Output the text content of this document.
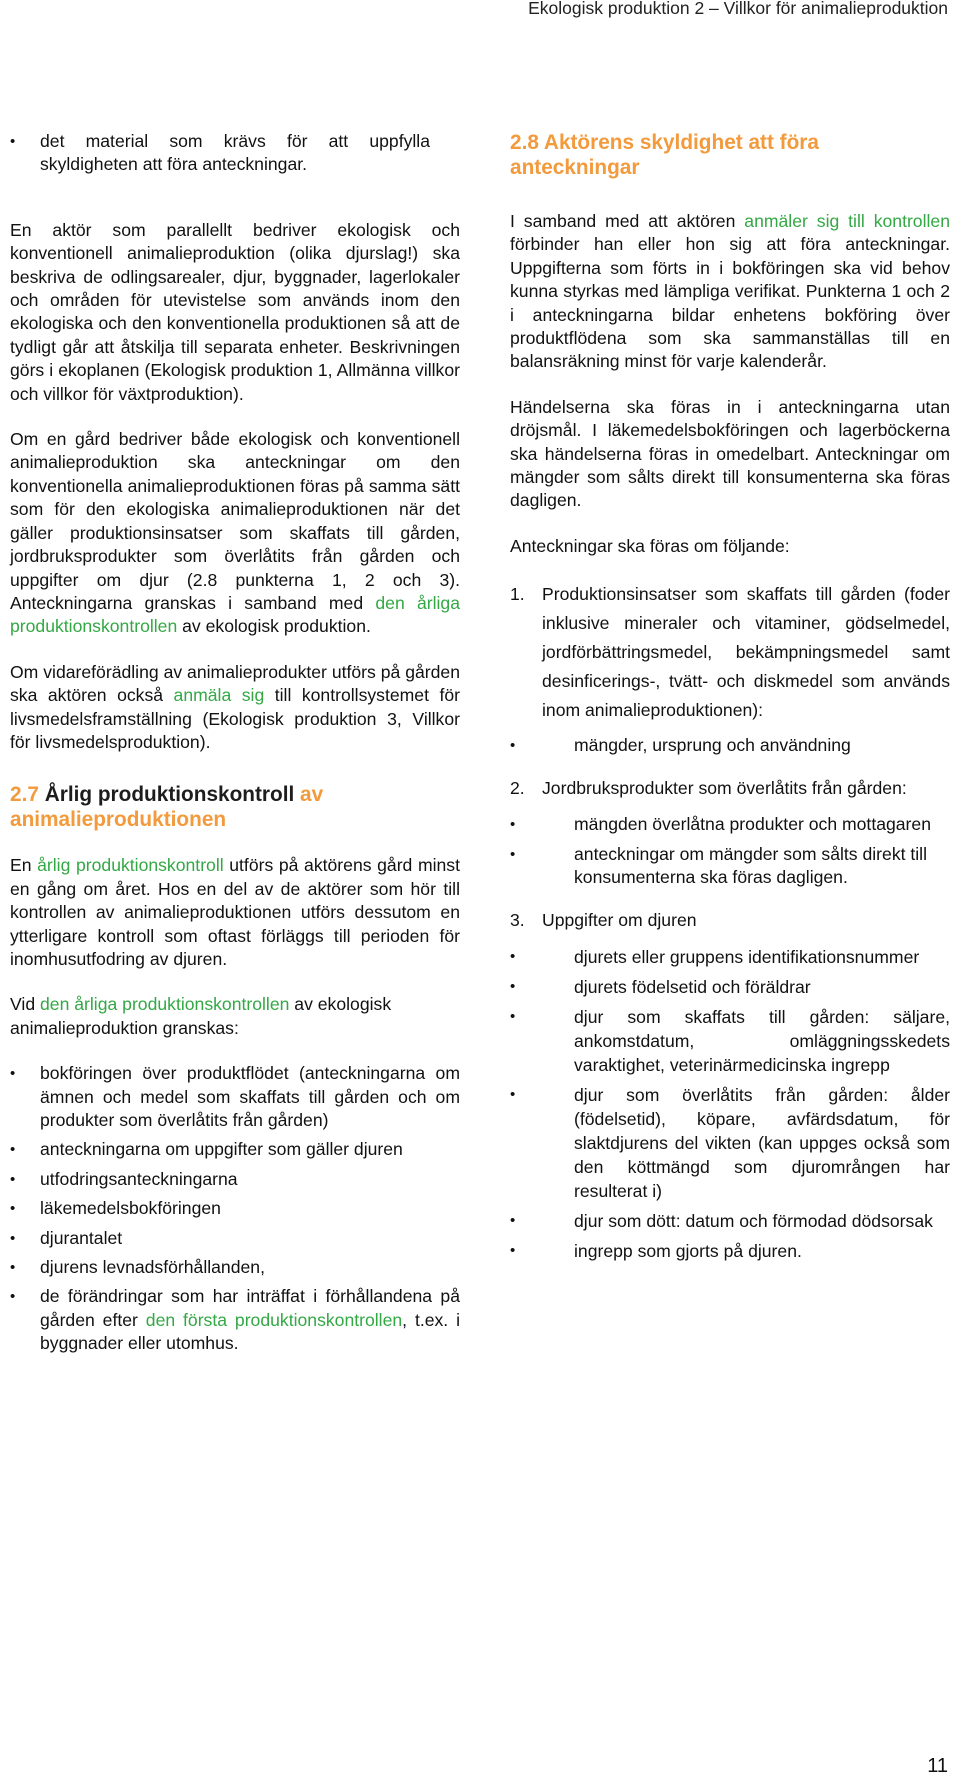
Ekologisk produktion 2 – Villkor för animalieproduktion
• det material som krävs för att uppfylla skyldigheten att föra anteckningar.

En aktör som parallellt bedriver ekologisk och konventionell animalieproduktion (olika djurslag!) ska beskriva de odlingsarealer, djur, byggnader, lagerlokaler och områden för utevistelse som används inom den ekologiska och den konventionella produktionen så att de tydligt går att åtskilja till separata enheter. Beskrivningen görs i ekoplanen (Ekologisk produktion 1, Allmänna villkor och villkor för växtproduktion).

Om en gård bedriver både ekologisk och konventionell animalieproduktion ska anteckningar om den konventionella animalieproduktionen föras på samma sätt som för den ekologiska animalieproduktionen när det gäller produktionsinsatser som skaffats till gården, jordbruksprodukter som överlåtits från gården och uppgifter om djur (2.8 punkterna 1, 2 och 3). Anteckningarna granskas i samband med den årliga produktionskontrollen av ekologisk produktion.

Om vidareförädling av animalieprodukter utförs på gården ska aktören också anmäla sig till kontrollsystemet för livsmedelsframställning (Ekologisk produktion 3, Villkor för livsmedelsproduktion).

2.7 Årlig produktionskontroll av animalieproduktionen

En årlig produktionskontroll utförs på aktörens gård minst en gång om året. Hos en del av de aktörer som hör till kontrollen av animalieproduktionen utförs dessutom en ytterligare kontroll som oftast förläggs till perioden för inomhusutfodring av djuren.

Vid den årliga produktionskontrollen av ekologisk animalieproduktion granskas:

• bokföringen över produktflödet (anteckningarna om ämnen och medel som skaffats till gården och om produkter som överlåtits från gården)
• anteckningarna om uppgifter som gäller djuren
• utfodringsanteckningarna
• läkemedelsbokföringen
• djurantalet
• djurens levnadsförhållanden,
• de förändringar som har inträffat i förhållandena på gården efter den första produktionskontrollen, t.ex. i byggnader eller utomhus.
2.8 Aktörens skyldighet att föra anteckningar

I samband med att aktören anmäler sig till kontrollen förbinder han eller hon sig att föra anteckningar. Uppgifterna som förts in i bokföringen ska vid behov kunna styrkas med lämpliga verifikat. Punkterna 1 och 2 i anteckningarna bildar enhetens bokföring över produktflödena som ska sammanställas till en balansräkning minst för varje kalenderår.

Händelserna ska föras in i anteckningarna utan dröjsmål. I läkemedelsbokföringen och lagerböckerna ska händelserna föras in omedelbart. Anteckningar om mängder som sålts direkt till konsumenterna ska föras dagligen.

Anteckningar ska föras om följande:

1. Produktionsinsatser som skaffats till gården (foder inklusive mineraler och vitaminer, gödselmedel, jordförbättringsmedel, bekämpningsmedel samt desinficerings-, tvätt- och diskmedel som används inom animalieproduktionen):
• mängder, ursprung och användning
2. Jordbruksprodukter som överlåtits från gården:
• mängden överlåtna produkter och mottagaren
• anteckningar om mängder som sålts direkt till konsumenterna ska föras dagligen.
3. Uppgifter om djuren
• djurets eller gruppens identifikationsnummer
• djurets födelsetid och föräldrar
• djur som skaffats till gården: säljare, ankomstdatum, omläggningsskedets varaktighet, veterinärmedicinska ingrepp
• djur som överlåtits från gården: ålder (födelsetid), köpare, avfärdsdatum, för slaktdjurens del vikten (kan uppges också som den köttmängd som djuromrången har resulterat i)
• djur som dött: datum och förmodad dödsorsak
• ingrepp som gjorts på djuren.
11
